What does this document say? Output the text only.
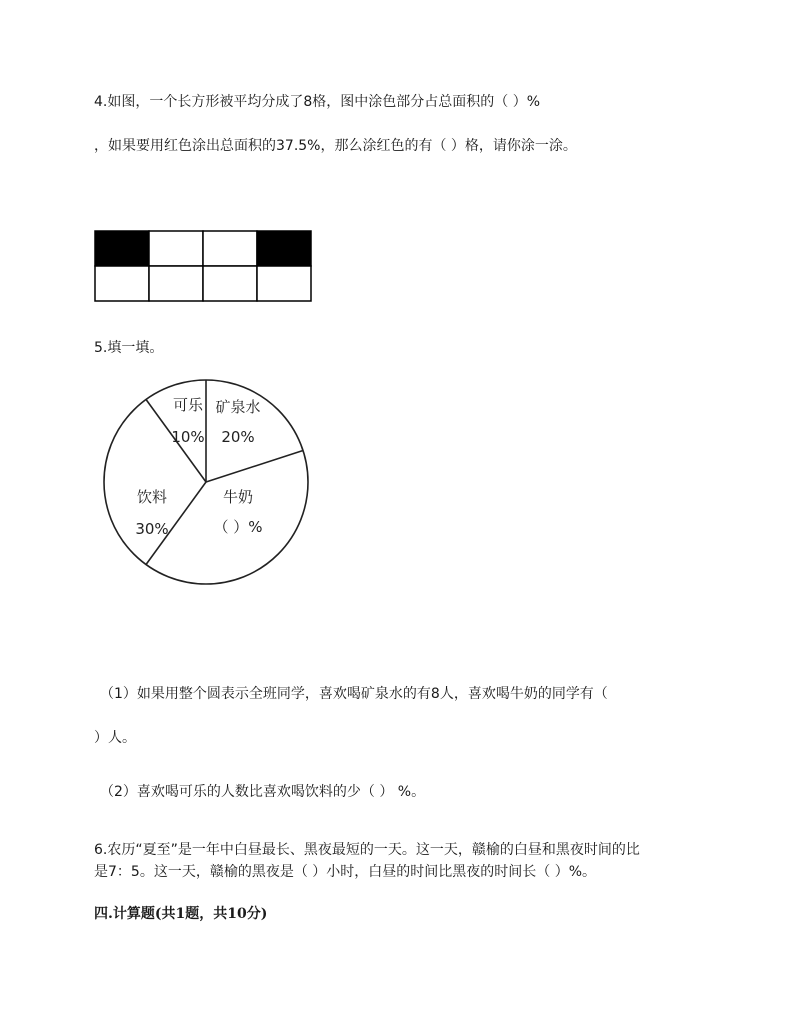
4.如图，一个长方形被平均分成了8格，图中涂色部分占总面积的（ ）%
，如果要用红色涂出总面积的37.5%，那么涂红色的有（ ）格，请你涂一涂。
5.填一填。
可乐
10%
矿泉水
20%
牛奶
（ ）%
饮料
30%
（1）如果用整个圆表示全班同学，喜欢喝矿泉水的有8人，喜欢喝牛奶的同学有（
）人。
（2）喜欢喝可乐的人数比喜欢喝饮料的少（ ） %。
6.农历“夏至”是一年中白昼最长、黑夜最短的一天。这一天，赣榆的白昼和黑夜时间的比
是7：5。这一天，赣榆的黑夜是（ ）小时，白昼的时间比黑夜的时间长（ ）%。
四.计算题(共1题，共10分)
